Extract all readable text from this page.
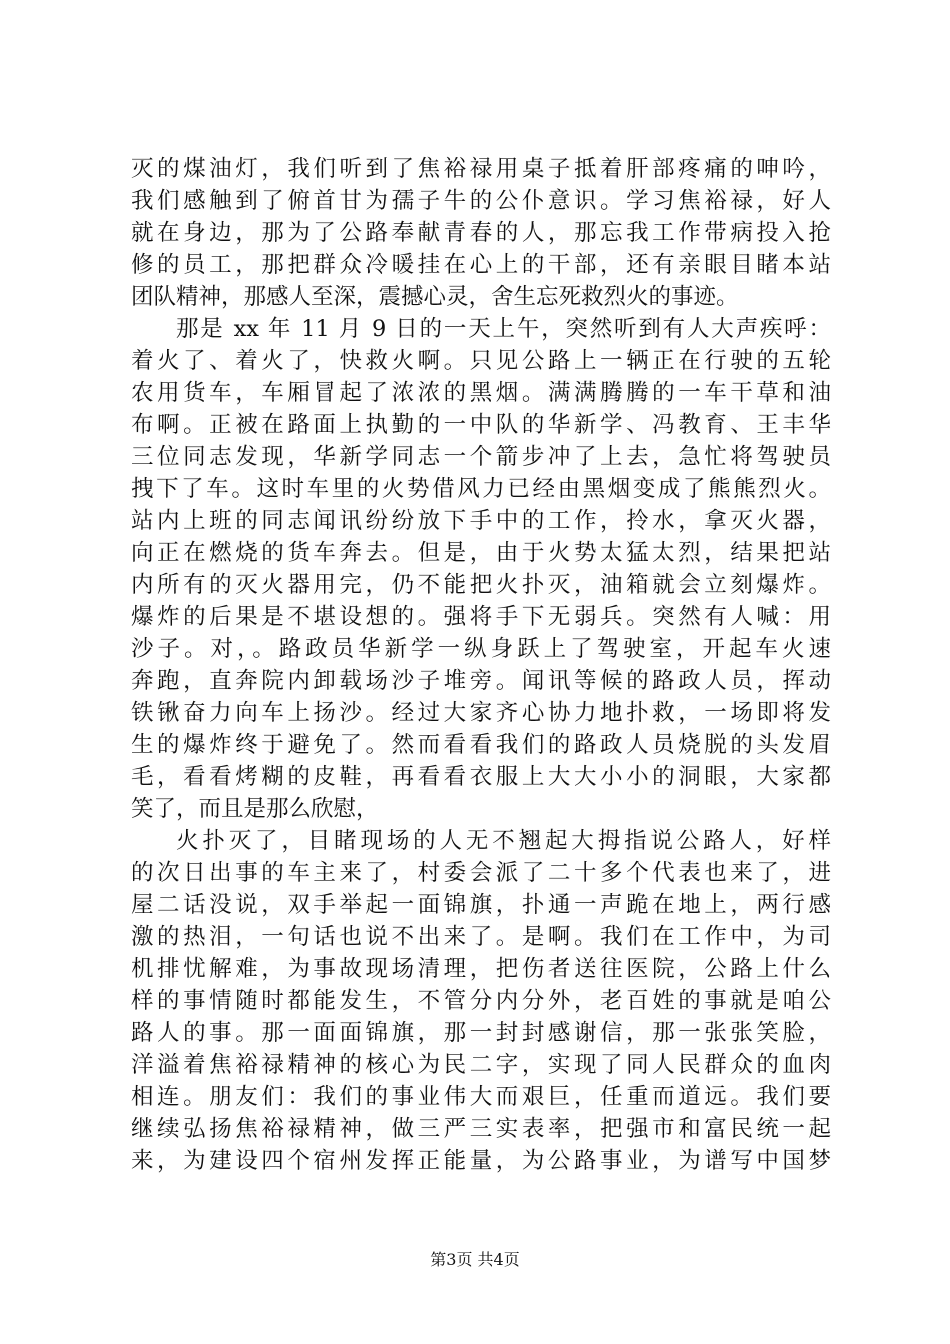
灭的煤油灯，我们听到了焦裕禄用桌子抵着肝部疼痛的呻吟，
我们感触到了俯首甘为孺子牛的公仆意识。学习焦裕禄，好人
就在身边，那为了公路奉献青春的人，那忘我工作带病投入抢
修的员工，那把群众冷暖挂在心上的干部，还有亲眼目睹本站
团队精神，那感人至深，震撼心灵，舍生忘死救烈火的事迹。
那是 xx 年 11 月 9 日的一天上午，突然听到有人大声疾呼：
着火了、着火了，快救火啊。只见公路上一辆正在行驶的五轮
农用货车，车厢冒起了浓浓的黑烟。满满腾腾的一车干草和油
布啊。正被在路面上执勤的一中队的华新学、冯教育、王丰华
三位同志发现，华新学同志一个箭步冲了上去，急忙将驾驶员
拽下了车。这时车里的火势借风力已经由黑烟变成了熊熊烈火。
站内上班的同志闻讯纷纷放下手中的工作，拎水，拿灭火器，
向正在燃烧的货车奔去。但是，由于火势太猛太烈，结果把站
内所有的灭火器用完，仍不能把火扑灭，油箱就会立刻爆炸。
爆炸的后果是不堪设想的。强将手下无弱兵。突然有人喊：用
沙子。对，。路政员华新学一纵身跃上了驾驶室，开起车火速
奔跑，直奔院内卸载场沙子堆旁。闻讯等候的路政人员，挥动
铁锹奋力向车上扬沙。经过大家齐心协力地扑救，一场即将发
生的爆炸终于避免了。然而看看我们的路政人员烧脱的头发眉
毛，看看烤糊的皮鞋，再看看衣服上大大小小的洞眼，大家都
笑了，而且是那么欣慰，
火扑灭了，目睹现场的人无不翘起大拇指说公路人，好样
的次日出事的车主来了，村委会派了二十多个代表也来了，进
屋二话没说，双手举起一面锦旗，扑通一声跪在地上，两行感
激的热泪，一句话也说不出来了。是啊。我们在工作中，为司
机排忧解难，为事故现场清理，把伤者送往医院，公路上什么
样的事情随时都能发生，不管分内分外，老百姓的事就是咱公
路人的事。那一面面锦旗，那一封封感谢信，那一张张笑脸，
洋溢着焦裕禄精神的核心为民二字，实现了同人民群众的血肉
相连。朋友们：我们的事业伟大而艰巨，任重而道远。我们要
继续弘扬焦裕禄精神，做三严三实表率，把强市和富民统一起
来，为建设四个宿州发挥正能量，为公路事业，为谱写中国梦
第3页 共4页
